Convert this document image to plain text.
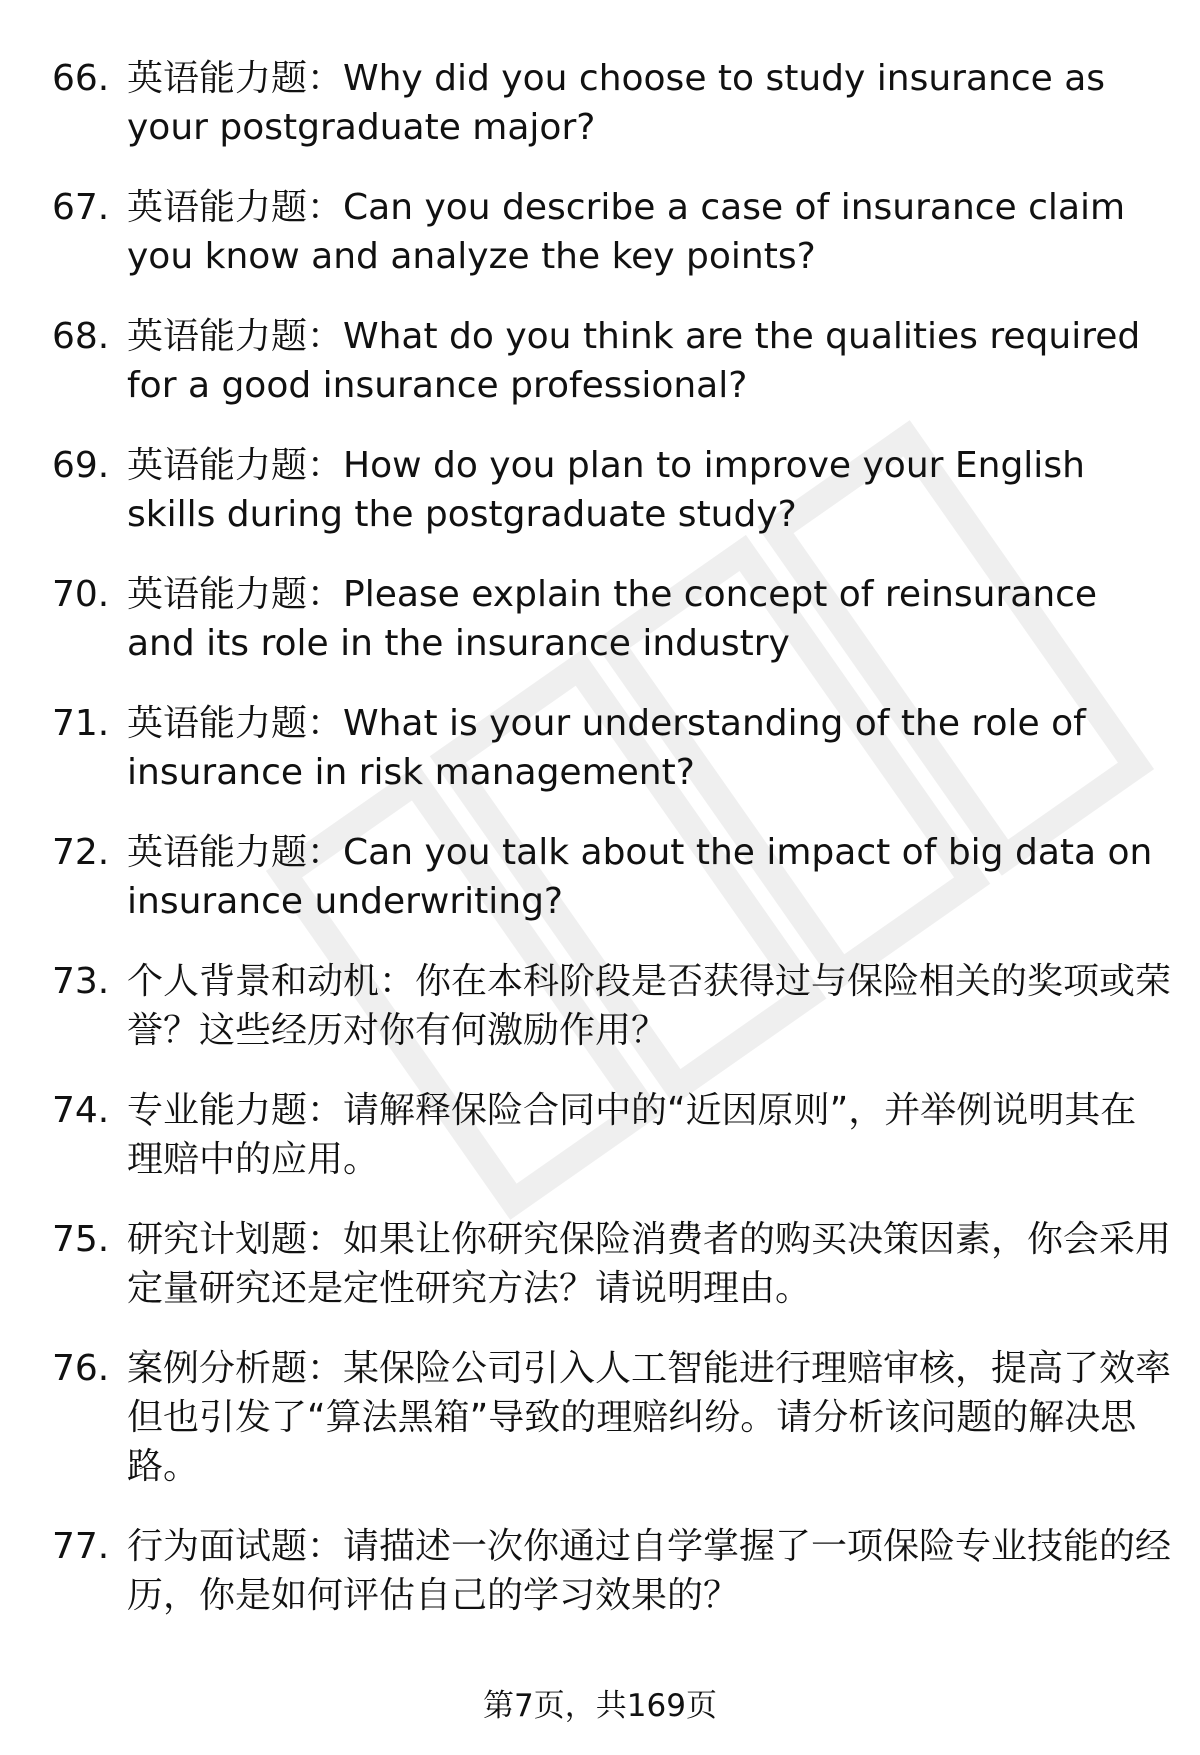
66. 英语能力题：Why did you choose to study insurance as your postgraduate major?
67. 英语能力题：Can you describe a case of insurance claim you know and analyze the key points?
68. 英语能力题：What do you think are the qualities required for a good insurance professional?
69. 英语能力题：How do you plan to improve your English skills during the postgraduate study?
70. 英语能力题：Please explain the concept of reinsurance and its role in the insurance industry
71. 英语能力题：What is your understanding of the role of insurance in risk management?
72. 英语能力题：Can you talk about the impact of big data on insurance underwriting?
73. 个人背景和动机：你在本科阶段是否获得过与保险相关的奖项或荣誉？这些经历对你有何激励作用？
74. 专业能力题：请解释保险合同中的“近因原则”，并举例说明其在理赔中的应用。
75. 研究计划题：如果让你研究保险消费者的购买决策因素，你会采用定量研究还是定性研究方法？请说明理由。
76. 案例分析题：某保险公司引入人工智能进行理赔审核，提高了效率但也引发了“算法黑箱”导致的理赔纠纷。请分析该问题的解决思路。
77. 行为面试题：请描述一次你通过自学掌握了一项保险专业技能的经历，你是如何评估自己的学习效果的？
第7页，共169页
